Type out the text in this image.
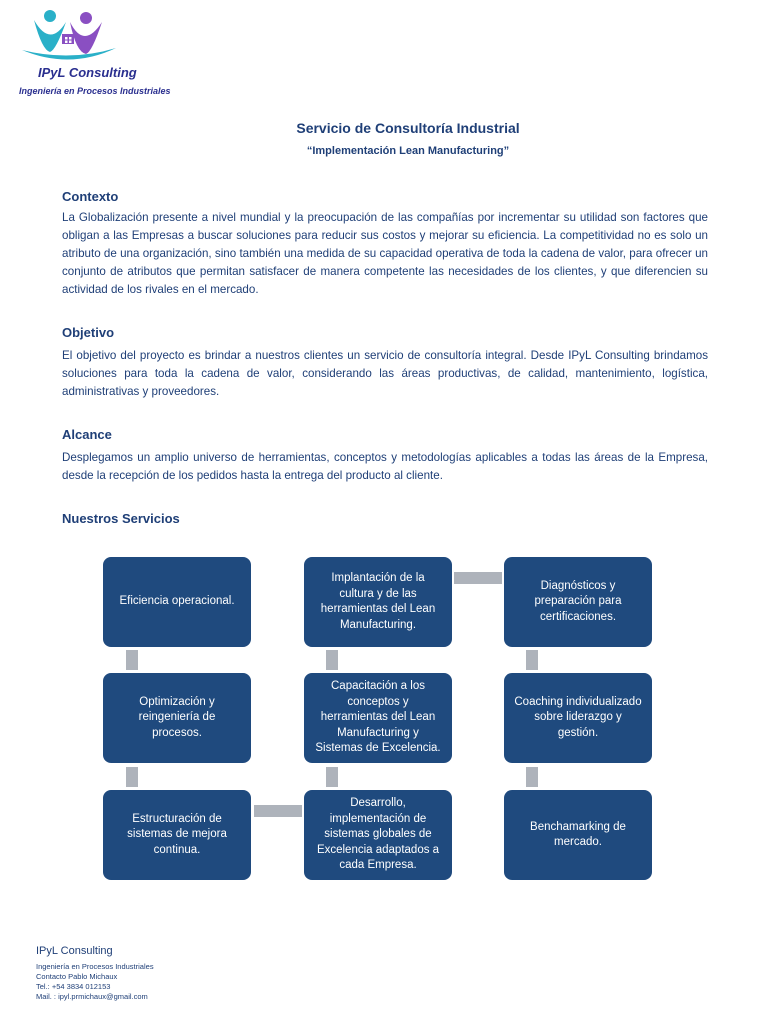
IPyL Consulting
Ingeniería en Procesos Industriales
Servicio de Consultoría Industrial
“Implementación Lean Manufacturing”
Contexto
La Globalización presente a nivel mundial y la preocupación de las compañías por incrementar su utilidad son factores que obligan a las Empresas a buscar soluciones para reducir sus costos y mejorar su eficiencia. La competitividad no es solo un atributo de una organización, sino también una medida de su capacidad operativa de toda la cadena de valor, para ofrecer un conjunto de atributos que permitan satisfacer de manera competente las necesidades de los clientes, y que diferencien su actividad de los rivales en el mercado.
Objetivo
El objetivo del proyecto es brindar a nuestros clientes un servicio de consultoría integral. Desde IPyL Consulting brindamos soluciones para toda la cadena de valor, considerando las áreas productivas, de calidad, mantenimiento, logística, administrativas y proveedores.
Alcance
Desplegamos un amplio universo de herramientas, conceptos y metodologías aplicables a todas las áreas de la Empresa, desde la recepción de los pedidos hasta la entrega del producto al cliente.
Nuestros Servicios
Eficiencia operacional.
Optimización y reingeniería de procesos.
Estructuración de sistemas de mejora continua.
Implantación de la cultura y de las herramientas del Lean Manufacturing.
Capacitación a los conceptos y herramientas del Lean Manufacturing y Sistemas de Excelencia.
Desarrollo, implementación de sistemas globales de Excelencia adaptados a cada Empresa.
Diagnósticos y preparación para certificaciones.
Coaching individualizado sobre liderazgo y gestión.
Benchamarking de mercado.
IPyL Consulting
Ingeniería en Procesos Industriales
Contacto Pablo Michaux
Tel.: +54 3834 012153
Mail. : ipyl.prmichaux@gmail.com
